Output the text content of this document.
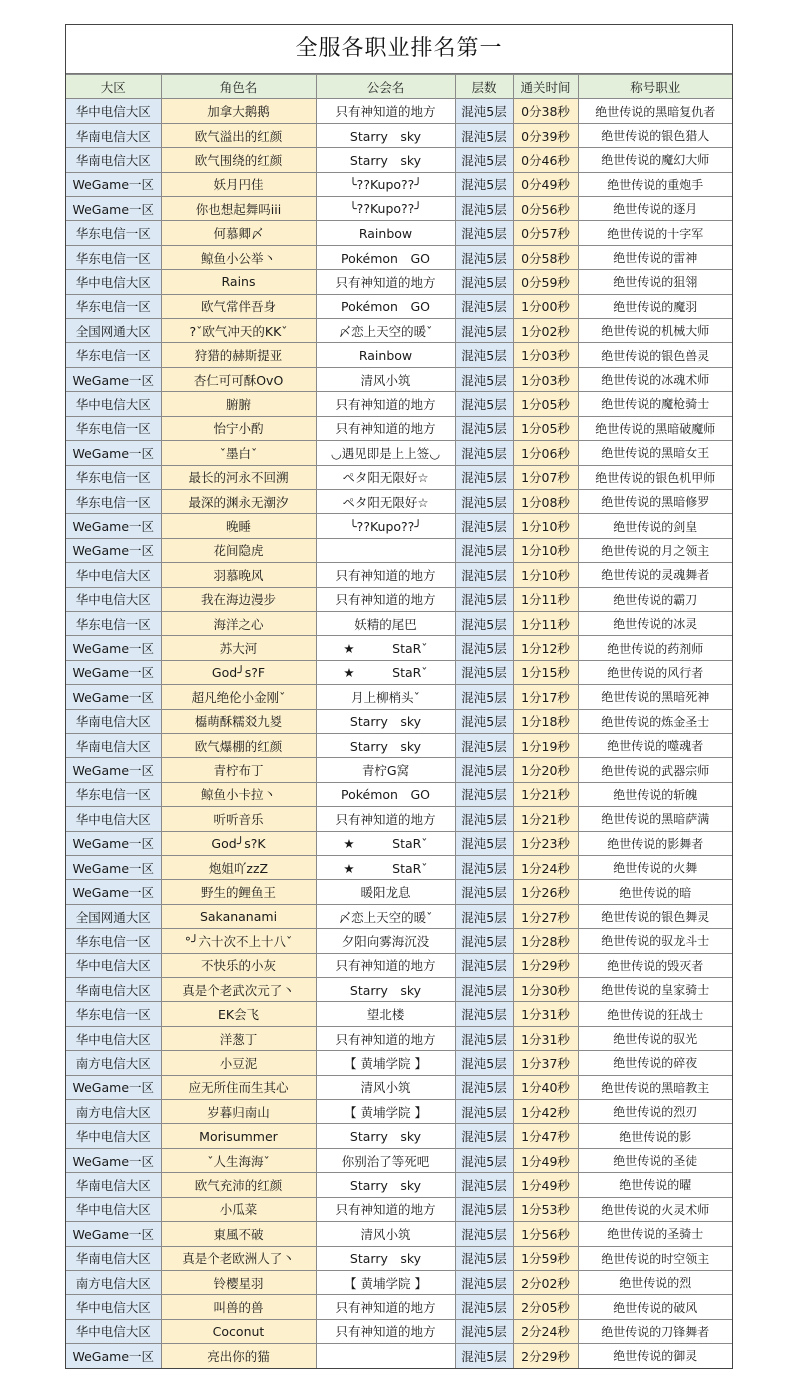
全服各职业排名第一
大区	角色名	公会名	层数	通关时间	称号职业
华中电信大区	加拿大鹅鹅	只有神知道的地方	混沌5层	0分38秒	绝世传说的黑暗复仇者
华南电信大区	欧气溢出的红颜	Starry　sky	混沌5层	0分39秒	绝世传说的银色猎人
华南电信大区	欧气围绕的红颜	Starry　sky	混沌5层	0分46秒	绝世传说的魔幻大师
WeGame一区	妖月円佳	╰??Kupo??╯	混沌5层	0分49秒	绝世传说的重炮手
WeGame一区	你也想起舞吗iii	╰??Kupo??╯	混沌5层	0分56秒	绝世传说的逐月
华东电信一区	何慕卿〆	Rainbow	混沌5层	0分57秒	绝世传说的十字军
华东电信一区	鲸鱼小公举丶	Pokémon　GO	混沌5层	0分58秒	绝世传说的雷神
华中电信大区	Rains	只有神知道的地方	混沌5层	0分59秒	绝世传说的狙翎
华东电信一区	欧气常伴吾身	Pokémon　GO	混沌5层	1分00秒	绝世传说的魔羽
全国网通大区	?ˇ欧气冲天的KKˇ	〆恋上天空的暖ˇ	混沌5层	1分02秒	绝世传说的机械大师
华东电信一区	狩猎的赫斯提亚	Rainbow	混沌5层	1分03秒	绝世传说的银色兽灵
WeGame一区	杏仁可可酥OvO	清风小筑	混沌5层	1分03秒	绝世传说的冰魂术师
华中电信大区	腑腑	只有神知道的地方	混沌5层	1分05秒	绝世传说的魔枪骑士
华东电信一区	怡宁小酌	只有神知道的地方	混沌5层	1分05秒	绝世传说的黑暗破魔师
WeGame一区	ˇ墨白ˇ	◡遇见即是上上签◡	混沌5层	1分06秒	绝世传说的黑暗女王
华东电信一区	最长的河永不回溯	ペタ阳无限好☆	混沌5层	1分07秒	绝世传说的银色机甲师
华东电信一区	最深的渊永无潮汐	ペタ阳无限好☆	混沌5层	1分08秒	绝世传说的黑暗修罗
WeGame一区	晚睡	╰??Kupo??╯	混沌5层	1分10秒	绝世传说的剑皇
WeGame一区	花间隐虎		混沌5层	1分10秒	绝世传说的月之领主
华中电信大区	羽慕晚风	只有神知道的地方	混沌5层	1分10秒	绝世传说的灵魂舞者
华中电信大区	我在海边漫步	只有神知道的地方	混沌5层	1分11秒	绝世传说的霸刀
华东电信一区	海洋之心	妖精的尾巴	混沌5层	1分11秒	绝世传说的冰灵
WeGame一区	苏大河	★　　　StaRˇ	混沌5层	1分12秒	绝世传说的药剂师
WeGame一区	God╯s?F	★　　　StaRˇ	混沌5层	1分15秒	绝世传说的风行者
WeGame一区	超凡绝伦小金刚ˇ	月上柳梢头ˇ	混沌5层	1分17秒	绝世传说的黑暗死神
华南电信大区	㰁萌酥糯㸚九㚇	Starry　sky	混沌5层	1分18秒	绝世传说的炼金圣士
华南电信大区	欧气爆棚的红颜	Starry　sky	混沌5层	1分19秒	绝世传说的噬魂者
WeGame一区	青柠布丁	青柠G窝	混沌5层	1分20秒	绝世传说的武器宗师
华东电信一区	鲸鱼小卡拉丶	Pokémon　GO	混沌5层	1分21秒	绝世传说的斩魄
华中电信大区	听听音乐	只有神知道的地方	混沌5层	1分21秒	绝世传说的黑暗萨满
WeGame一区	God╯s?K	★　　　StaRˇ	混沌5层	1分23秒	绝世传说的影舞者
WeGame一区	炮姐吖zzZ	★　　　StaRˇ	混沌5层	1分24秒	绝世传说的火舞
WeGame一区	野生的鲤鱼王	暖阳龙息	混沌5层	1分26秒	绝世传说的暗
全国网通大区	Sakananami	〆恋上天空的暖ˇ	混沌5层	1分27秒	绝世传说的银色舞灵
华东电信一区	°╯六十次不上十八ˇ	夕阳向雾海沉没	混沌5层	1分28秒	绝世传说的驭龙斗士
华中电信大区	不快乐的小灰	只有神知道的地方	混沌5层	1分29秒	绝世传说的毁灭者
华南电信大区	真是个老武次元了丶	Starry　sky	混沌5层	1分30秒	绝世传说的皇家骑士
华东电信一区	EK会飞	望北楼	混沌5层	1分31秒	绝世传说的狂战士
华中电信大区	洋葱丁	只有神知道的地方	混沌5层	1分31秒	绝世传说的驭光
南方电信大区	小豆泥	【 黄埔学院 】	混沌5层	1分37秒	绝世传说的碎夜
WeGame一区	应无所住而生其心	清风小筑	混沌5层	1分40秒	绝世传说的黑暗教主
南方电信大区	岁暮归南山	【 黄埔学院 】	混沌5层	1分42秒	绝世传说的烈刃
华中电信大区	Morisummer	Starry　sky	混沌5层	1分47秒	绝世传说的影
WeGame一区	ˇ人生海海ˇ	你别治了等死吧	混沌5层	1分49秒	绝世传说的圣徒
华南电信大区	欧气充沛的红颜	Starry　sky	混沌5层	1分49秒	绝世传说的曜
华中电信大区	小瓜菜	只有神知道的地方	混沌5层	1分53秒	绝世传说的火灵术师
WeGame一区	東風不破	清风小筑	混沌5层	1分56秒	绝世传说的圣骑士
华南电信大区	真是个老欧洲人了丶	Starry　sky	混沌5层	1分59秒	绝世传说的时空领主
南方电信大区	铃樱星羽	【 黄埔学院 】	混沌5层	2分02秒	绝世传说的烈
华中电信大区	叫兽的兽	只有神知道的地方	混沌5层	2分05秒	绝世传说的破风
华中电信大区	Coconut	只有神知道的地方	混沌5层	2分24秒	绝世传说的刀锋舞者
WeGame一区	亮出你的猫		混沌5层	2分29秒	绝世传说的御灵
